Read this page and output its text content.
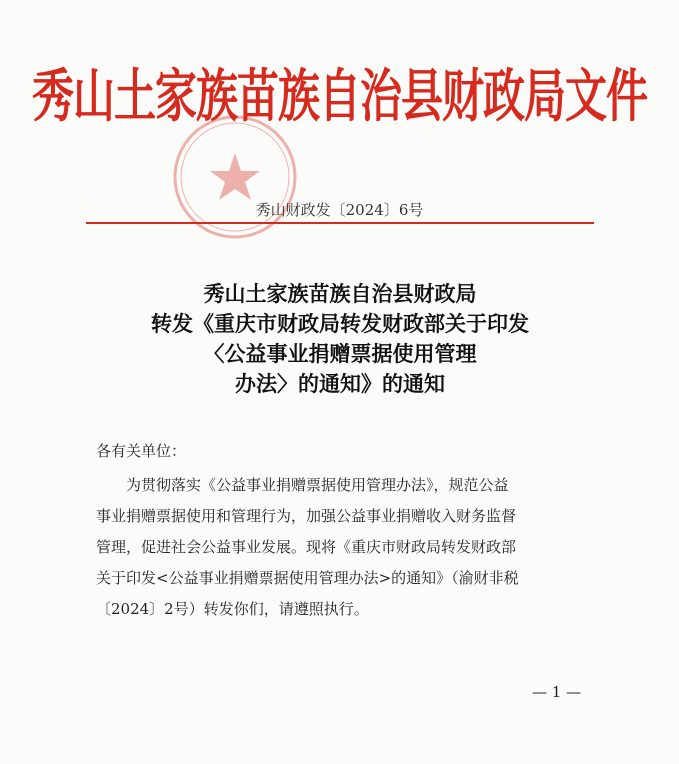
秀山土家族苗族自治县财政局文件
秀山财政发〔2024〕6号
秀山土家族苗族自治县财政局
转发《重庆市财政局转发财政部关于印发
〈公益事业捐赠票据使用管理
办法〉的通知》的通知
各有关单位：
　　为贯彻落实《公益事业捐赠票据使用管理办法》，规范公益
事业捐赠票据使用和管理行为，加强公益事业捐赠收入财务监督
管理，促进社会公益事业发展。现将《重庆市财政局转发财政部
关于印发<公益事业捐赠票据使用管理办法>的通知》（渝财非税
〔2024〕2号）转发你们，请遵照执行。
— 1 —
